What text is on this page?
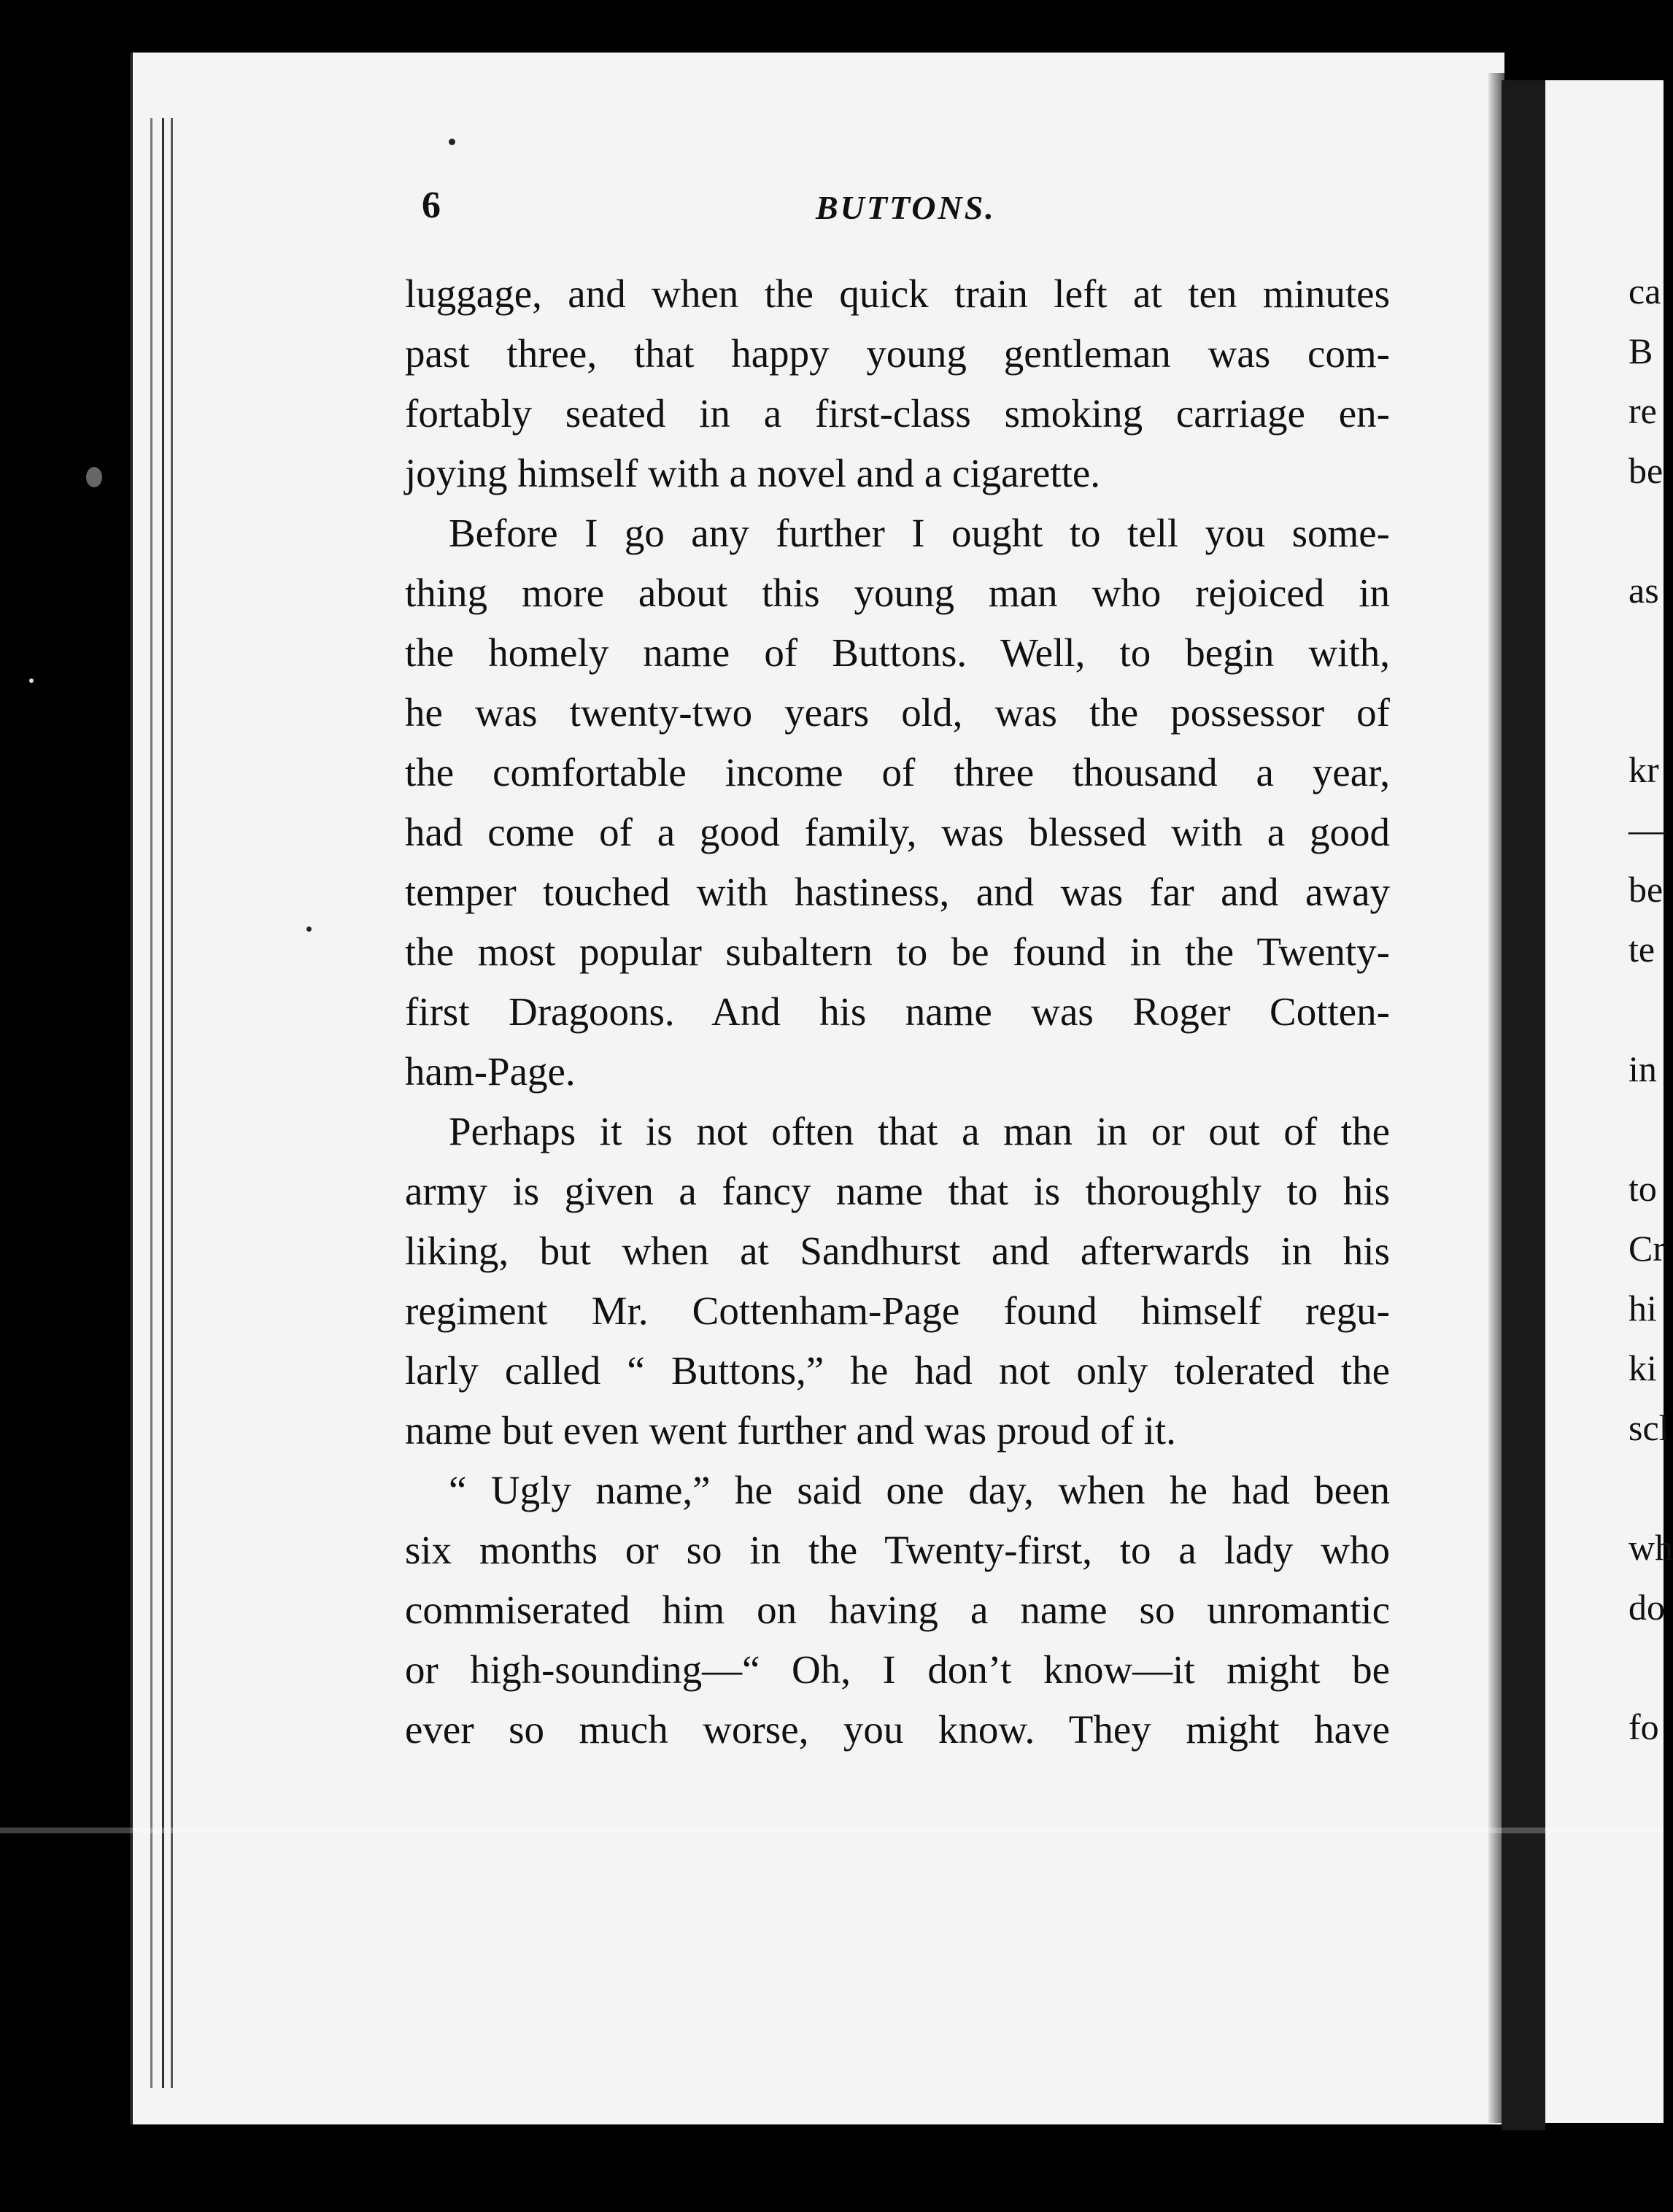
ca
B
re
be
as
kr
—
be
te
in
to
Cr
hi
ki
scl
wh
do
fo
6	BUTTONS.
luggage, and when the quick train left at ten minutes
past three, that happy young gentleman was com-
fortably seated in a first-class smoking carriage en-
joying himself with a novel and a cigarette.
Before I go any further I ought to tell you some-
thing more about this young man who rejoiced in
the homely name of Buttons. Well, to begin with,
he was twenty-two years old, was the possessor of
the comfortable income of three thousand a year,
had come of a good family, was blessed with a good
temper touched with hastiness, and was far and away
the most popular subaltern to be found in the Twenty-
first Dragoons. And his name was Roger Cotten-
ham-Page.
Perhaps it is not often that a man in or out of the
army is given a fancy name that is thoroughly to his
liking, but when at Sandhurst and afterwards in his
regiment Mr. Cottenham-Page found himself regu-
larly called “ Buttons,” he had not only tolerated the
name but even went further and was proud of it.
“ Ugly name,” he said one day, when he had been
six months or so in the Twenty-first, to a lady who
commiserated him on having a name so unromantic
or high-sounding—“ Oh, I don’t know—it might be
ever so much worse, you know. They might have
